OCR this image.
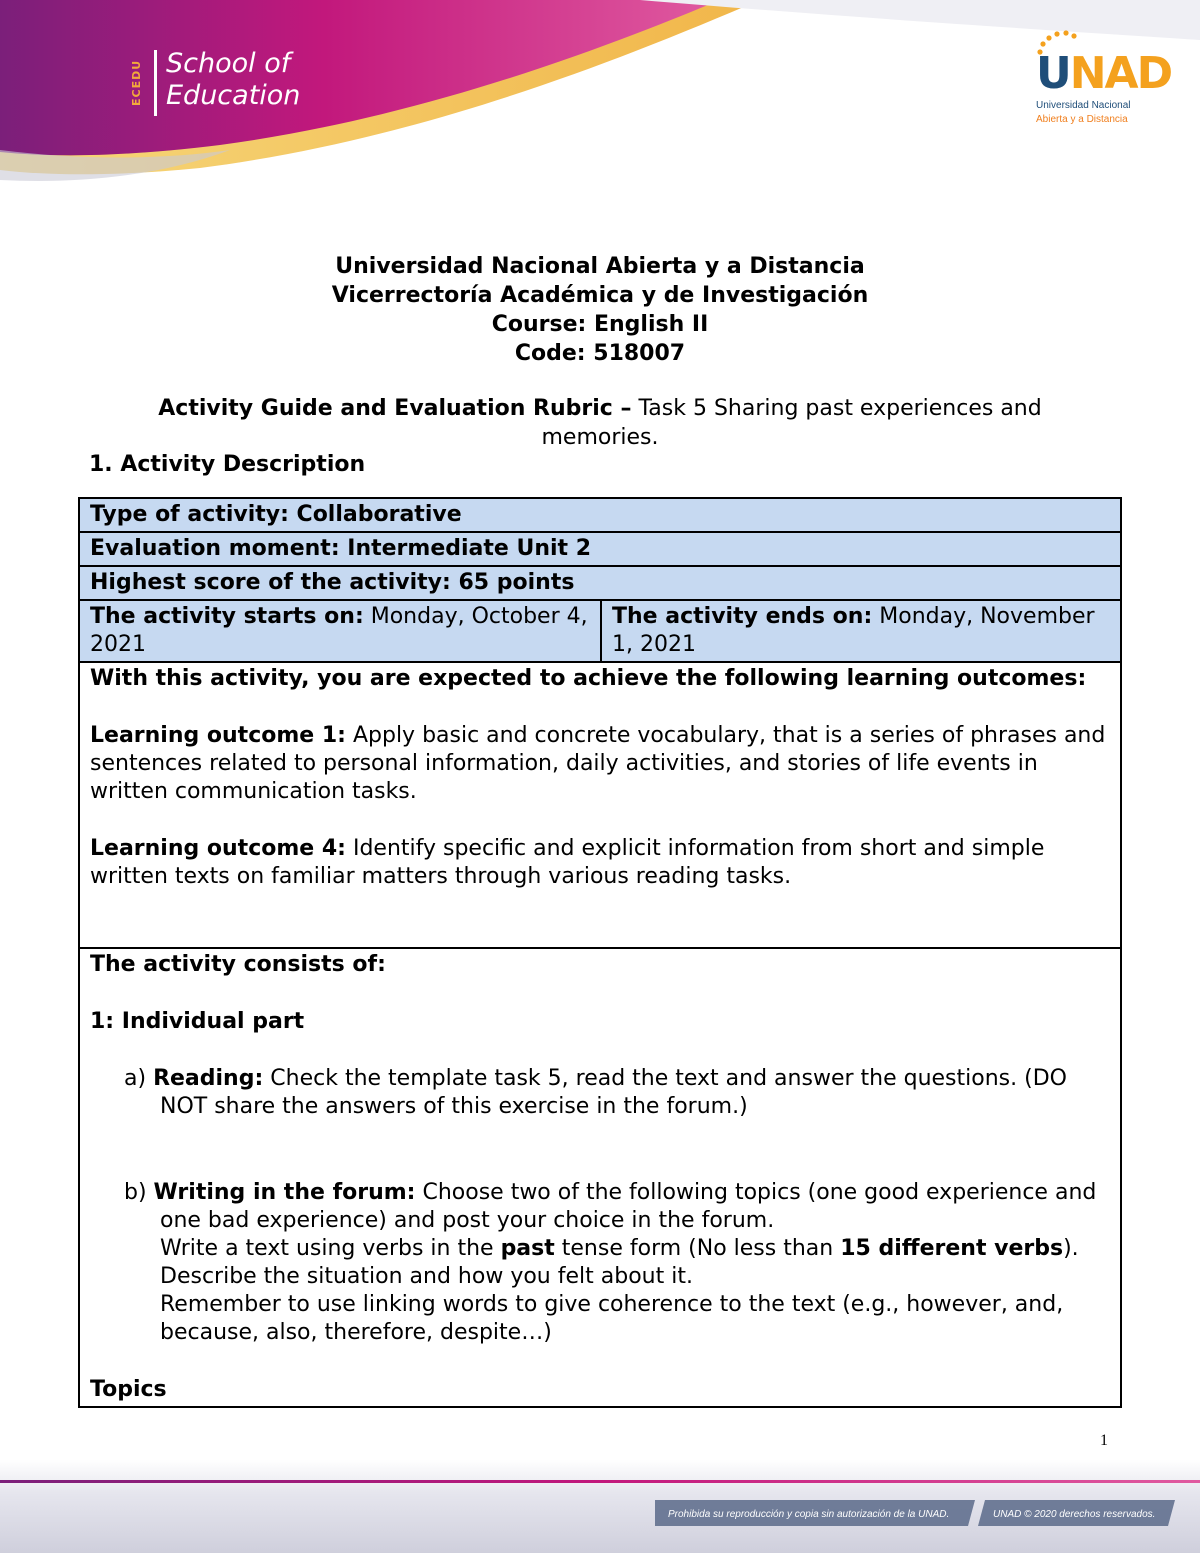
ECEDU School of
Education	UNAD
Universidad Nacional
Abierta y a Distancia

Universidad Nacional Abierta y a Distancia

Vicerrectoría Académica y de Investigación

Course: English II

Code: 518007

Activity Guide and Evaluation Rubric – Task 5 Sharing past experiences and memories.
1. Activity Description
Type of activity: Collaborative
Evaluation moment: Intermediate Unit 2
Highest score of the activity: 65 points
The activity starts on: Monday, October 4, 2021	The activity ends on: Monday, November 1, 2021

With this activity, you are expected to achieve the following learning outcomes:

Learning outcome 1: Apply basic and concrete vocabulary, that is a series of phrases and sentences related to personal information, daily activities, and stories of life events in written communication tasks.

Learning outcome 4: Identify specific and explicit information from short and simple written texts on familiar matters through various reading tasks.

The activity consists of:

1: Individual part

a) Reading: Check the template task 5, read the text and answer the questions. (DO NOT share the answers of this exercise in the forum.)

b) Writing in the forum: Choose two of the following topics (one good experience and one bad experience) and post your choice in the forum.

Write a text using verbs in the past tense form (No less than 15 different verbs). Describe the situation and how you felt about it.

Remember to use linking words to give coherence to the text (e.g., however, and, because, also, therefore, despite…)

Topics

1
Prohibida su reproducción y copia sin autorización de la UNAD.	UNAD © 2020 derechos reservados.
